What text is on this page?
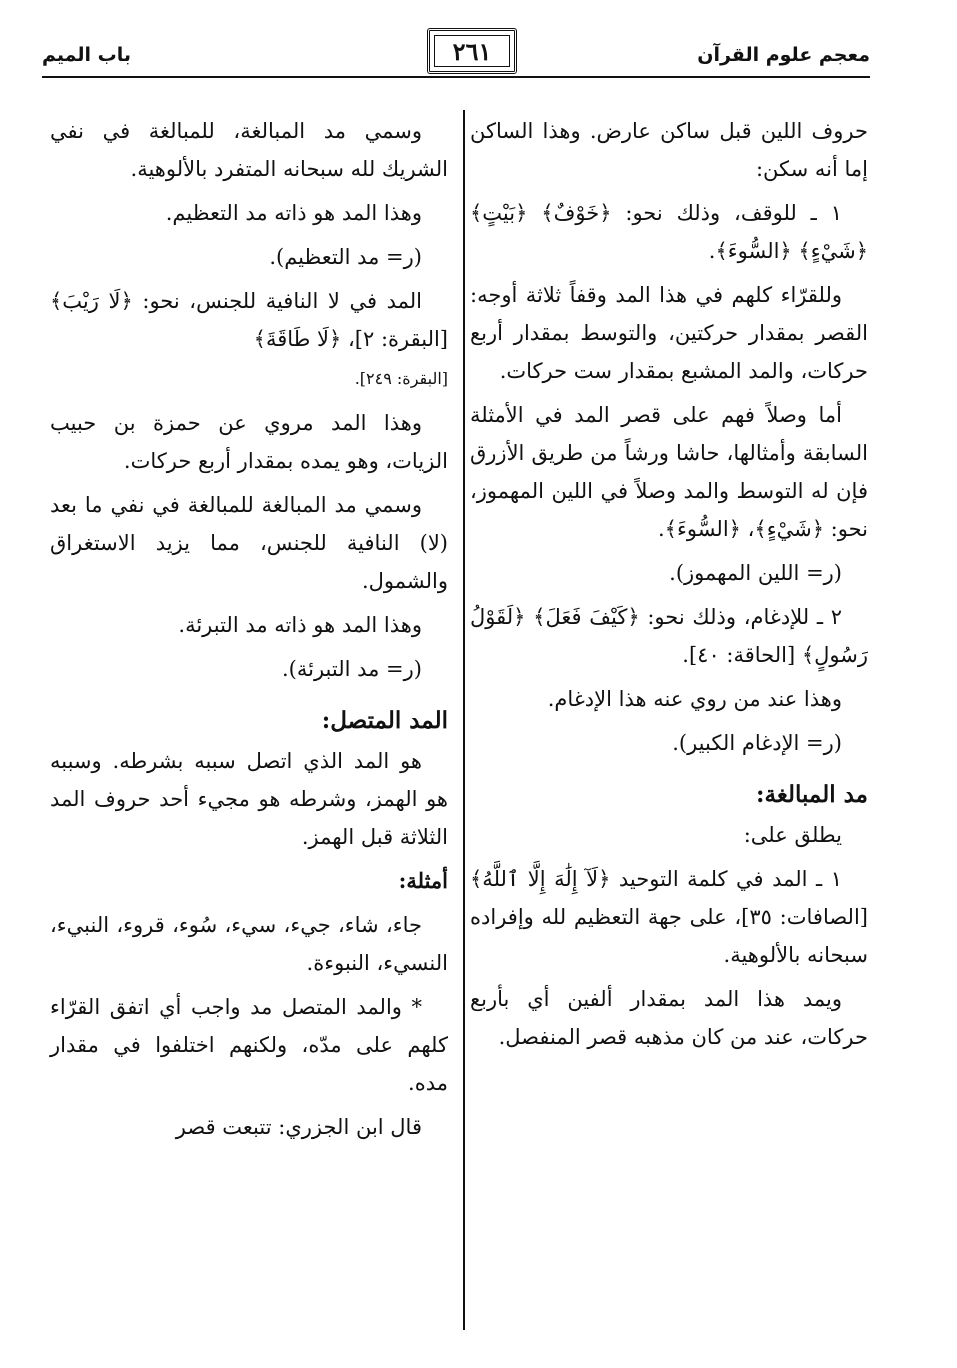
معجم علوم القرآن
٢٦١
باب الميم

حروف اللين قبل ساكن عارض. وهذا الساكن إما أنه سكن:

١ ـ للوقف، وذلك نحو: ﴿خَوْفٌ﴾ ﴿بَيْتٍ﴾ ﴿شَيْءٍ﴾ ﴿السُّوءَ﴾.

وللقرّاء كلهم في هذا المد وقفاً ثلاثة أوجه: القصر بمقدار حركتين، والتوسط بمقدار أربع حركات، والمد المشبع بمقدار ست حركات.

أما وصلاً فهم على قصر المد في الأمثلة السابقة وأمثالها، حاشا ورشاً من طريق الأزرق فإن له التوسط والمد وصلاً في اللين المهموز، نحو: ﴿شَيْءٍ﴾، ﴿السُّوءَ﴾.

(ر= اللين المهموز).

٢ ـ للإدغام، وذلك نحو: ﴿كَيْفَ فَعَلَ﴾ ﴿لَقَوْلُ رَسُولٍ﴾ [الحاقة: ٤٠].

وهذا عند من روي عنه هذا الإدغام.

(ر= الإدغام الكبير).

مد المبالغة:

يطلق على:

١ ـ المد في كلمة التوحيد ﴿لَآ إِلَٰهَ إِلَّا ٱللَّهُ﴾ [الصافات: ٣٥]، على جهة التعظيم لله وإفراده سبحانه بالألوهية.

ويمد هذا المد بمقدار ألفين أي بأربع حركات، عند من كان مذهبه قصر المنفصل.

وسمي مد المبالغة، للمبالغة في نفي الشريك لله سبحانه المتفرد بالألوهية.

وهذا المد هو ذاته مد التعظيم.

(ر= مد التعظيم).

المد في لا النافية للجنس، نحو: ﴿لَا رَيْبَ﴾ [البقرة: ٢]، ﴿لَا طَاقَةَ﴾
[البقرة: ٢٤٩].

وهذا المد مروي عن حمزة بن حبيب الزيات، وهو يمده بمقدار أربع حركات.

وسمي مد المبالغة للمبالغة في نفي ما بعد (لا) النافية للجنس، مما يزيد الاستغراق والشمول.

وهذا المد هو ذاته مد التبرئة.

(ر= مد التبرئة).

المد المتصل:

هو المد الذي اتصل سببه بشرطه. وسببه هو الهمز، وشرطه هو مجيء أحد حروف المد الثلاثة قبل الهمز.

أمثلة:

جاء، شاء، جيء، سيء، سُوء، قروء، النبيء، النسيء، النبوءة.

* والمد المتصل مد واجب أي اتفق القرّاء كلهم على مدّه، ولكنهم اختلفوا في مقدار مده.

قال ابن الجزري: تتبعت قصر
